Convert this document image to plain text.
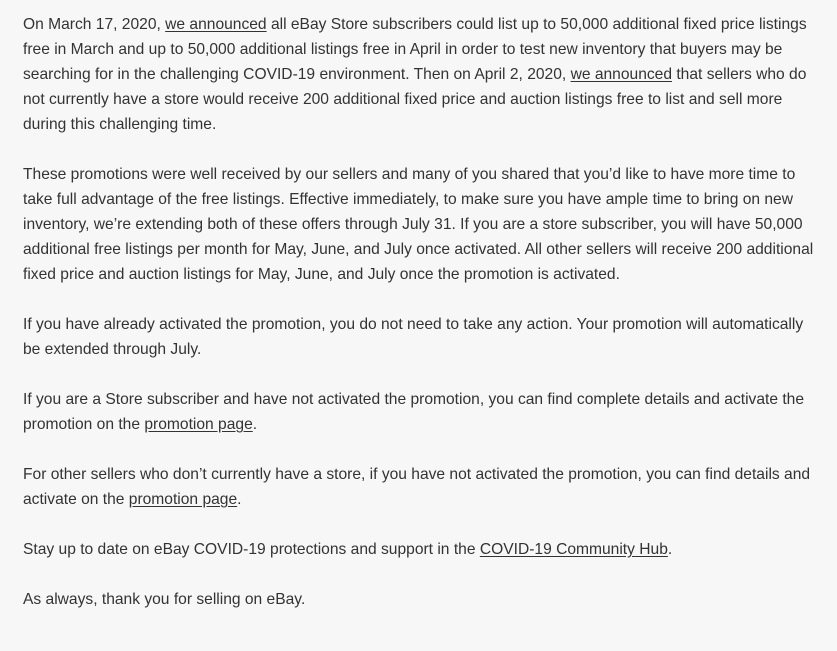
On March 17, 2020, we announced all eBay Store subscribers could list up to 50,000 additional fixed price listings free in March and up to 50,000 additional listings free in April in order to test new inventory that buyers may be searching for in the challenging COVID-19 environment. Then on April 2, 2020, we announced that sellers who do not currently have a store would receive 200 additional fixed price and auction listings free to list and sell more during this challenging time.

These promotions were well received by our sellers and many of you shared that you’d like to have more time to take full advantage of the free listings. Effective immediately, to make sure you have ample time to bring on new inventory, we’re extending both of these offers through July 31. If you are a store subscriber, you will have 50,000 additional free listings per month for May, June, and July once activated. All other sellers will receive 200 additional fixed price and auction listings for May, June, and July once the promotion is activated.

If you have already activated the promotion, you do not need to take any action. Your promotion will automatically be extended through July.

If you are a Store subscriber and have not activated the promotion, you can find complete details and activate the promotion on the promotion page.

For other sellers who don’t currently have a store, if you have not activated the promotion, you can find details and activate on the promotion page.

Stay up to date on eBay COVID-19 protections and support in the COVID-19 Community Hub.

As always, thank you for selling on eBay.
